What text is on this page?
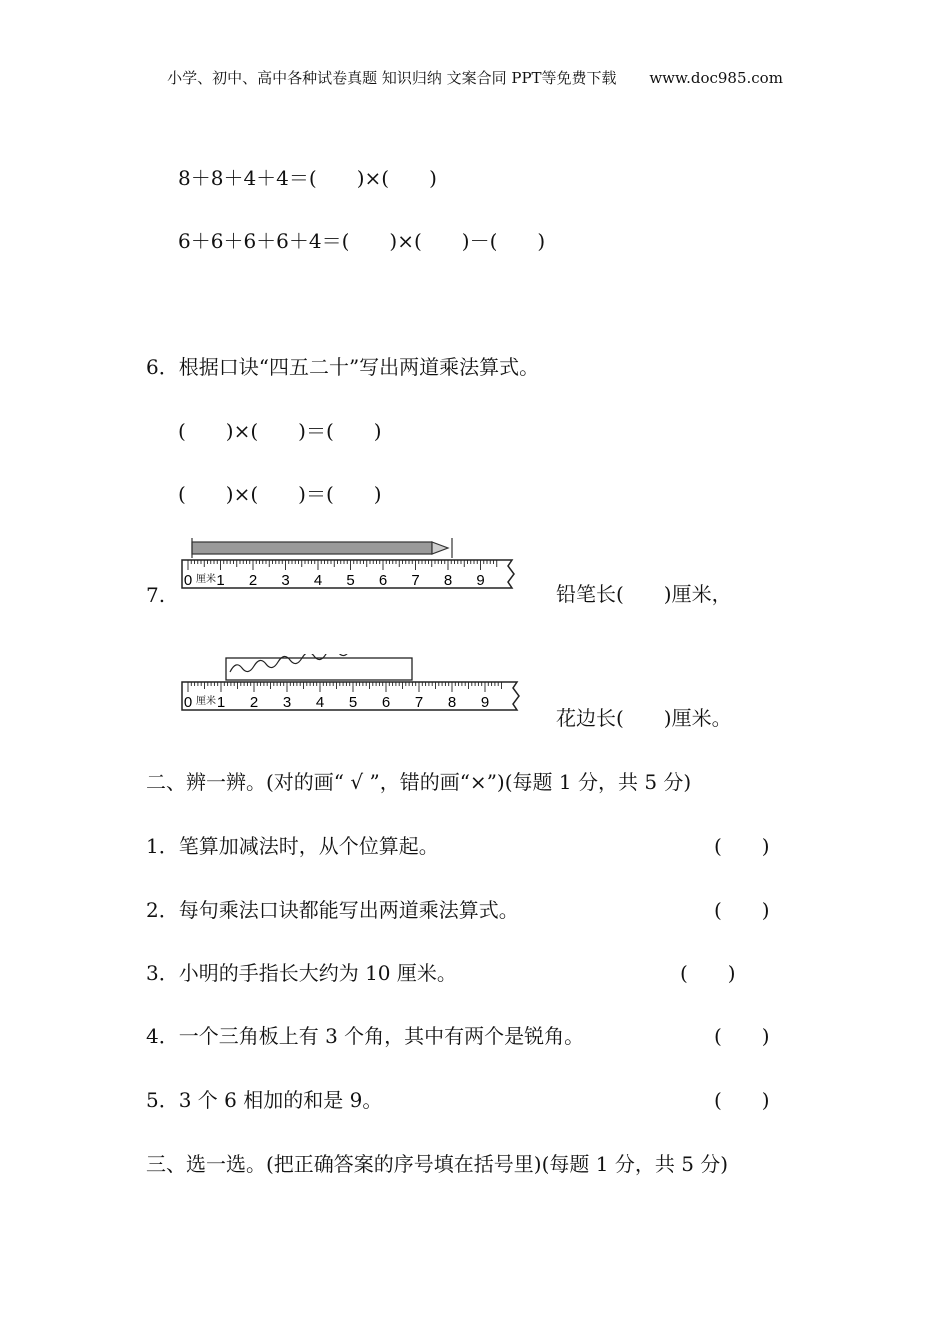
小学、初中、高中各种试卷真题 知识归纳 文案合同 PPT等免费下载 www.doc985.com
8＋8＋4＋4＝(　　)×(　　)
6＋6＋6＋6＋4＝(　　)×(　　)－(　　)
6．根据口诀“四五二十”写出两道乘法算式。
(　　)×(　　)＝(　　)
(　　)×(　　)＝(　　)
7.
厘米
0 1 2 3 4 5 6 7 8 9
铅笔长(　　)厘米，
厘米
0 1 2 3 4 5 6 7 8 9
花边长(　　)厘米。
二、辨一辨。(对的画“ √ ”，错的画“×”)(每题 1 分，共 5 分)
1．笔算加减法时，从个位算起。	(　　)
2．每句乘法口诀都能写出两道乘法算式。	(　　)
3．小明的手指长大约为 10 厘米。	(　　)
4．一个三角板上有 3 个角，其中有两个是锐角。	(　　)
5．3 个 6 相加的和是 9。	(　　)
三、选一选。(把正确答案的序号填在括号里)(每题 1 分，共 5 分)
